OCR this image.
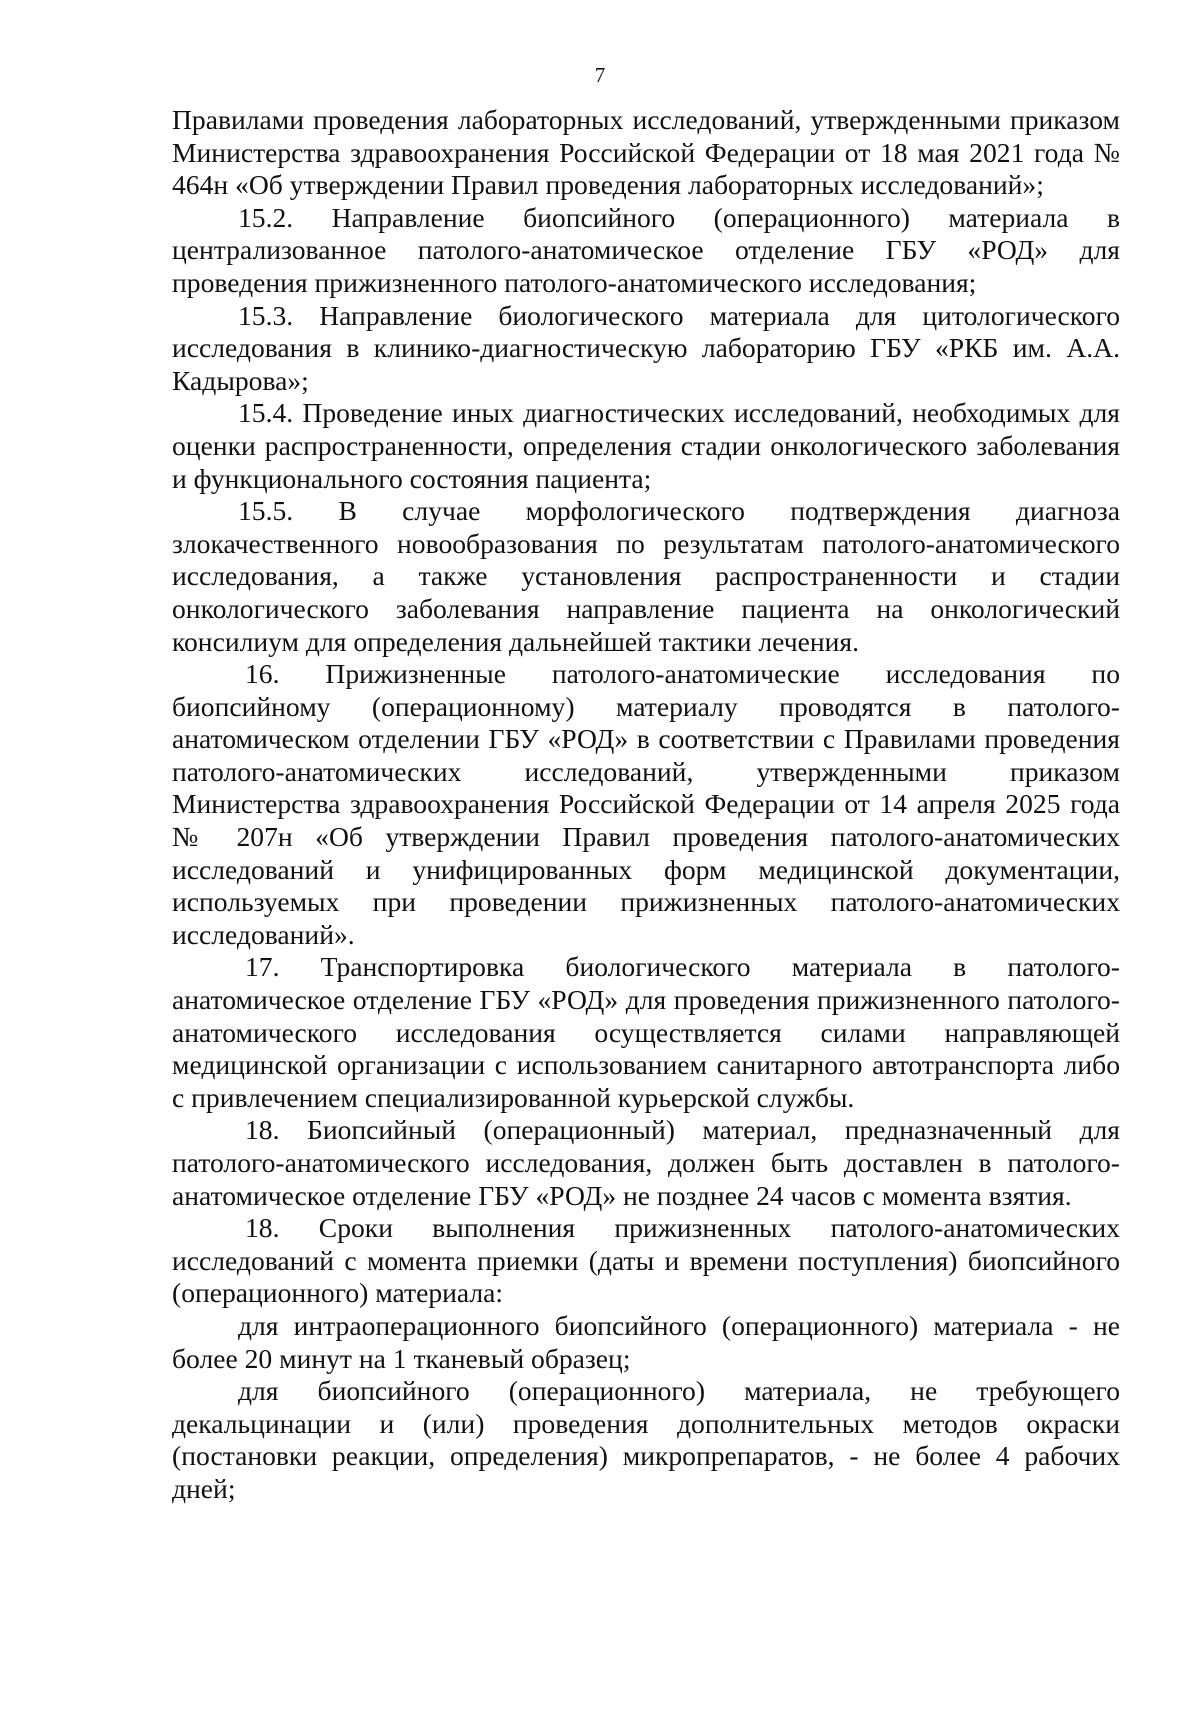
7

Правилами проведения лабораторных исследований, утвержденными приказом Министерства здравоохранения Российской Федерации от 18 мая 2021 года № 464н «Об утверждении Правил проведения лабораторных исследований»;

15.2. Направление биопсийного (операционного) материала в централизованное патолого-анатомическое отделение ГБУ «РОД» для проведения прижизненного патолого-анатомического исследования;

15.3. Направление биологического материала для цитологического исследования в клинико-диагностическую лабораторию ГБУ «РКБ им. А.А. Кадырова»;

15.4. Проведение иных диагностических исследований, необходимых для оценки распространенности, определения стадии онкологического заболевания и функционального состояния пациента;

15.5. В случае морфологического подтверждения диагноза злокачественного новообразования по результатам патолого-анатомического исследования, а также установления распространенности и стадии онкологического заболевания направление пациента на онкологический консилиум для определения дальнейшей тактики лечения.

16. Прижизненные патолого-анатомические исследования по биопсийному (операционному) материалу проводятся в патолого-анатомическом отделении ГБУ «РОД» в соответствии с Правилами проведения патолого-анатомических исследований, утвержденными приказом Министерства здравоохранения Российской Федерации от 14 апреля 2025 года № 207н «Об утверждении Правил проведения патолого-анатомических исследований и унифицированных форм медицинской документации, используемых при проведении прижизненных патолого-анатомических исследований».

17. Транспортировка биологического материала в патолого-анатомическое отделение ГБУ «РОД» для проведения прижизненного патолого-анатомического исследования осуществляется силами направляющей медицинской организации с использованием санитарного автотранспорта либо с привлечением специализированной курьерской службы.

18. Биопсийный (операционный) материал, предназначенный для патолого-анатомического исследования, должен быть доставлен в патолого-анатомическое отделение ГБУ «РОД» не позднее 24 часов с момента взятия.

18. Сроки выполнения прижизненных патолого-анатомических исследований с момента приемки (даты и времени поступления) биопсийного (операционного) материала:

для интраоперационного биопсийного (операционного) материала - не более 20 минут на 1 тканевый образец;

для биопсийного (операционного) материала, не требующего декальцинации и (или) проведения дополнительных методов окраски (постановки реакции, определения) микропрепаратов, - не более 4 рабочих дней;
